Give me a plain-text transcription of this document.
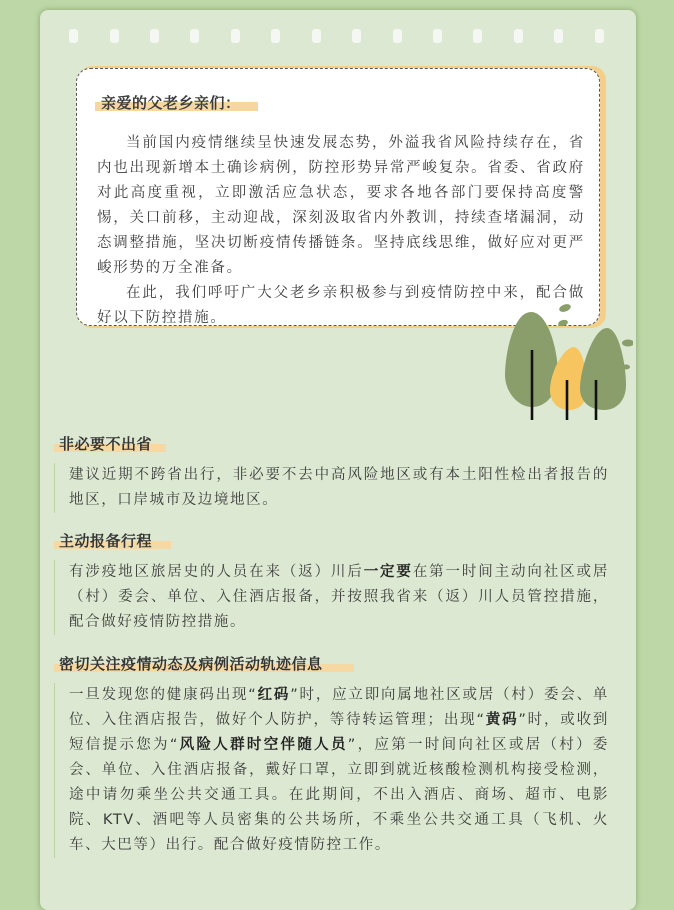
亲爱的父老乡亲们：

当前国内疫情继续呈快速发展态势，外溢我省风险持续存在，省内也出现新增本土确诊病例，防控形势异常严峻复杂。省委、省政府对此高度重视，立即激活应急状态，要求各地各部门要保持高度警惕，关口前移，主动迎战，深刻汲取省内外教训，持续查堵漏洞，动态调整措施，坚决切断疫情传播链条。坚持底线思维，做好应对更严峻形势的万全准备。

在此，我们呼吁广大父老乡亲积极参与到疫情防控中来，配合做好以下防控措施。

非必要不出省
建议近期不跨省出行，非必要不去中高风险地区或有本土阳性检出者报告的地区，口岸城市及边境地区。
主动报备行程
有涉疫地区旅居史的人员在来（返）川后一定要在第一时间主动向社区或居（村）委会、单位、入住酒店报备，并按照我省来（返）川人员管控措施，配合做好疫情防控措施。
密切关注疫情动态及病例活动轨迹信息
一旦发现您的健康码出现“红码”时，应立即向属地社区或居（村）委会、单位、入住酒店报告，做好个人防护，等待转运管理；出现“黄码”时，或收到短信提示您为“风险人群时空伴随人员”，应第一时间向社区或居（村）委会、单位、入住酒店报备，戴好口罩，立即到就近核酸检测机构接受检测，途中请勿乘坐公共交通工具。在此期间，不出入酒店、商场、超市、电影院、KTV、酒吧等人员密集的公共场所，不乘坐公共交通工具（飞机、火车、大巴等）出行。配合做好疫情防控工作。
